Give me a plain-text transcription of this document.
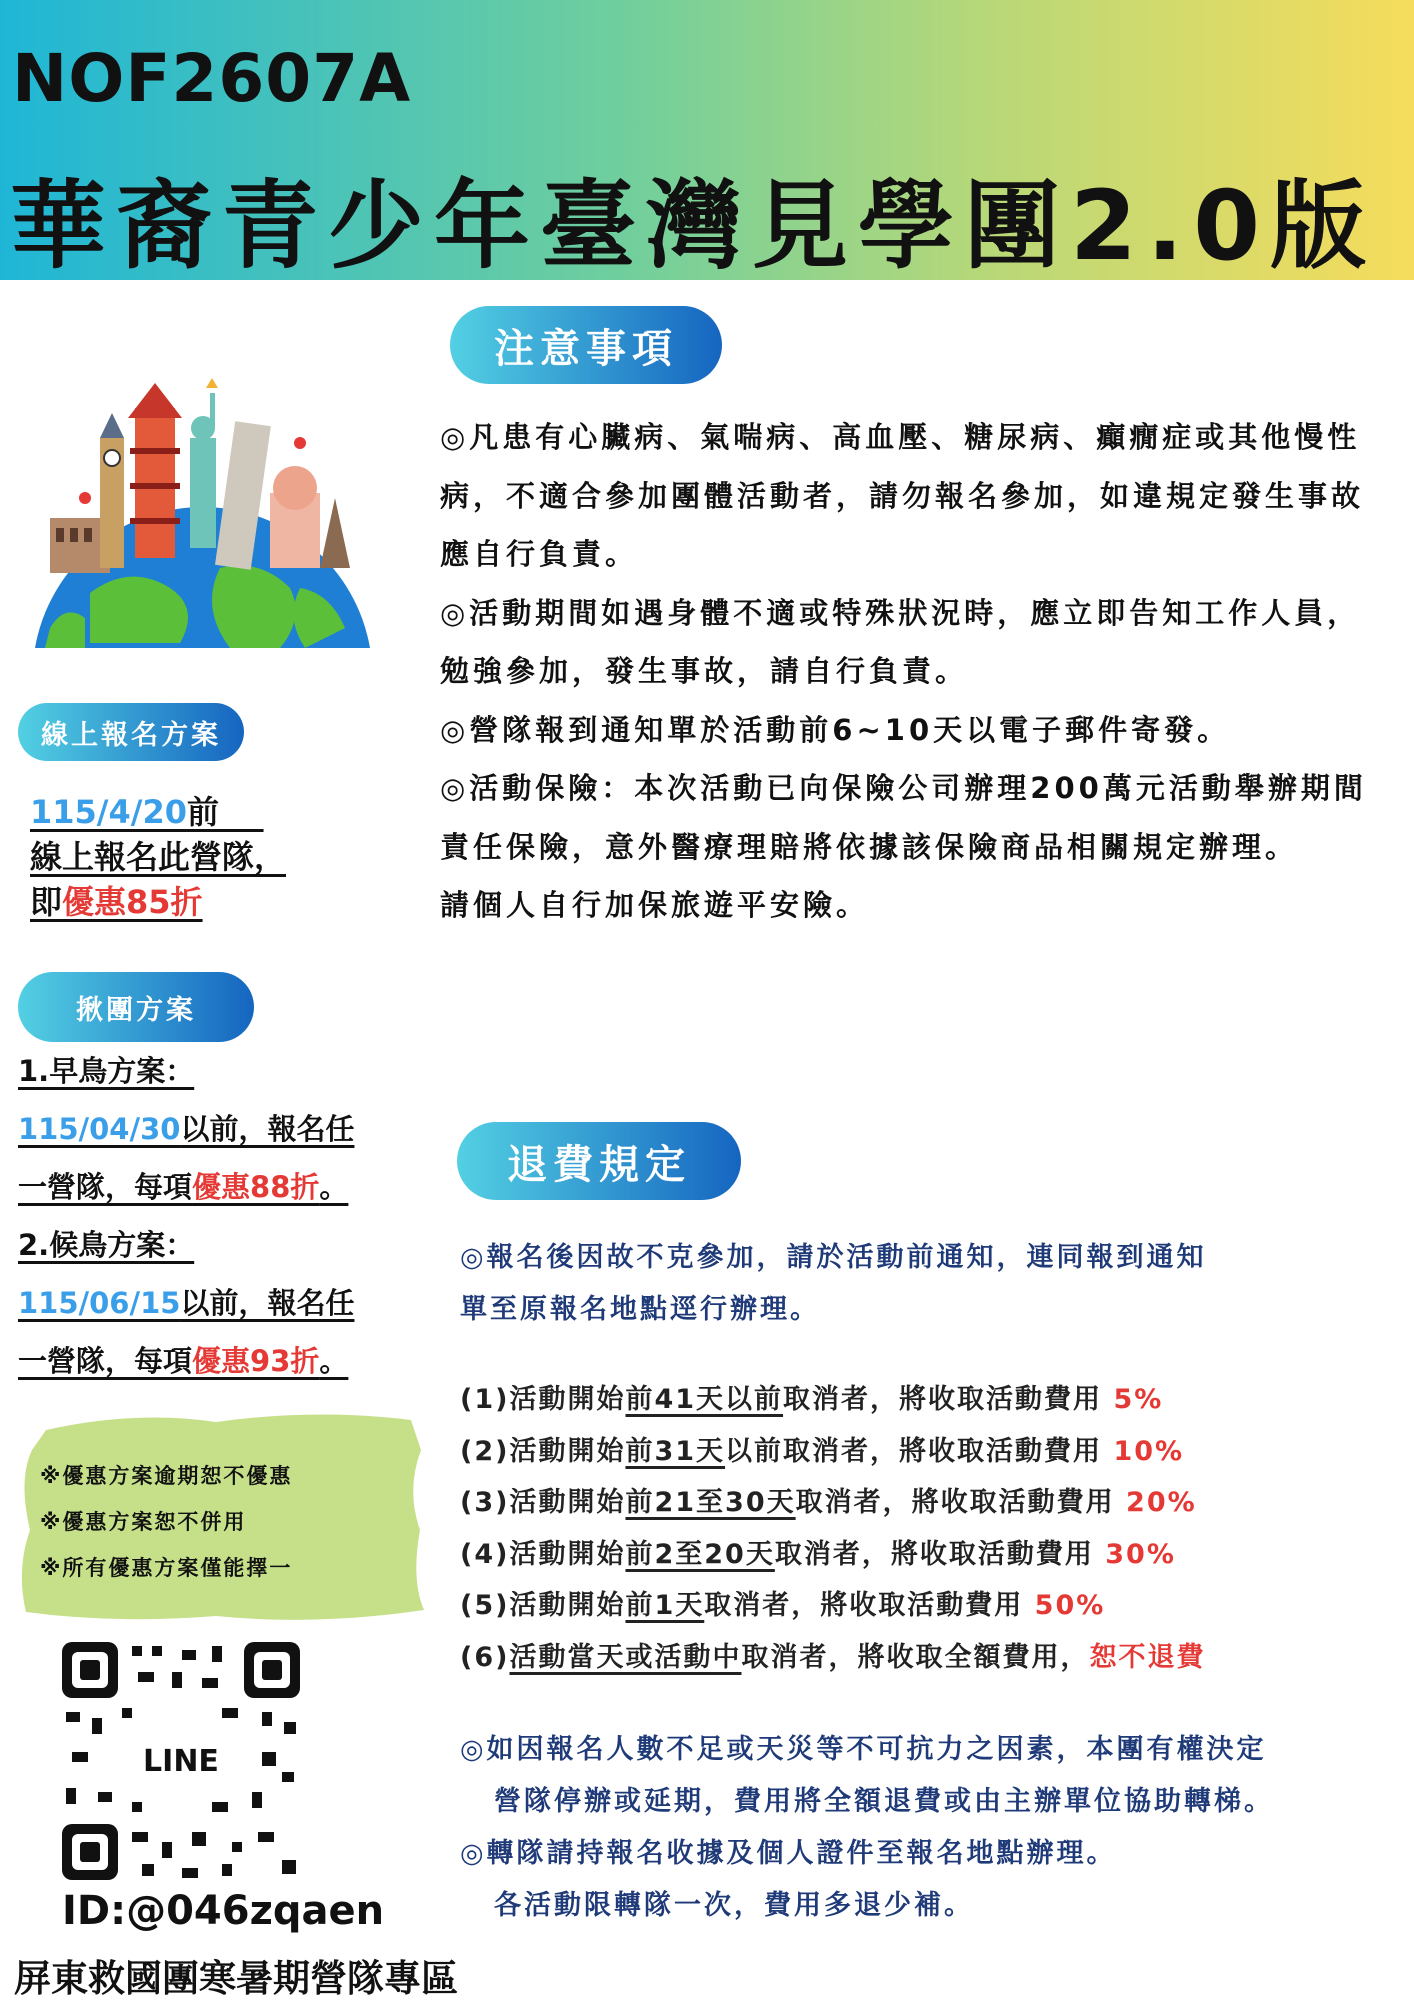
NOF2607A
華裔青少年臺灣見學團2.0版
注意事項

◎凡患有心臟病、氣喘病、高血壓、糖尿病、癲癇症或其他慢性病，不適合參加團體活動者，請勿報名參加，如違規定發生事故應自行負責。

◎活動期間如遇身體不適或特殊狀況時，應立即告知工作人員，勉強參加，發生事故，請自行負責。

◎營隊報到通知單於活動前6~10天以電子郵件寄發。

◎活動保險：本次活動已向保險公司辦理200萬元活動舉辦期間責任保險，意外醫療理賠將依據該保險商品相關規定辦理。

請個人自行加保旅遊平安險。

線上報名方案
115/4/20前
線上報名此營隊，
即優惠85折
揪團方案
1.早鳥方案：
115/04/30以前，報名任
一營隊，每項優惠88折。
2.候鳥方案：
115/06/15以前，報名任
一營隊，每項優惠93折。
※優惠方案逾期恕不優惠
※優惠方案恕不併用
※所有優惠方案僅能擇一
LINE
ID:@046zqaen
屏東救國團寒暑期營隊專區
退費規定
◎報名後因故不克參加，請於活動前通知，連同報到通知
單至原報名地點逕行辦理。
(1)活動開始前41天以前取消者，將收取活動費用 5%
(2)活動開始前31天以前取消者，將收取活動費用 10%
(3)活動開始前21至30天取消者，將收取活動費用 20%
(4)活動開始前2至20天取消者，將收取活動費用 30%
(5)活動開始前1天取消者，將收取活動費用 50%
(6)活動當天或活動中取消者，將收取全額費用，恕不退費
◎如因報名人數不足或天災等不可抗力之因素，本團有權決定
營隊停辦或延期，費用將全額退費或由主辦單位協助轉梯。
◎轉隊請持報名收據及個人證件至報名地點辦理。
各活動限轉隊一次，費用多退少補。
